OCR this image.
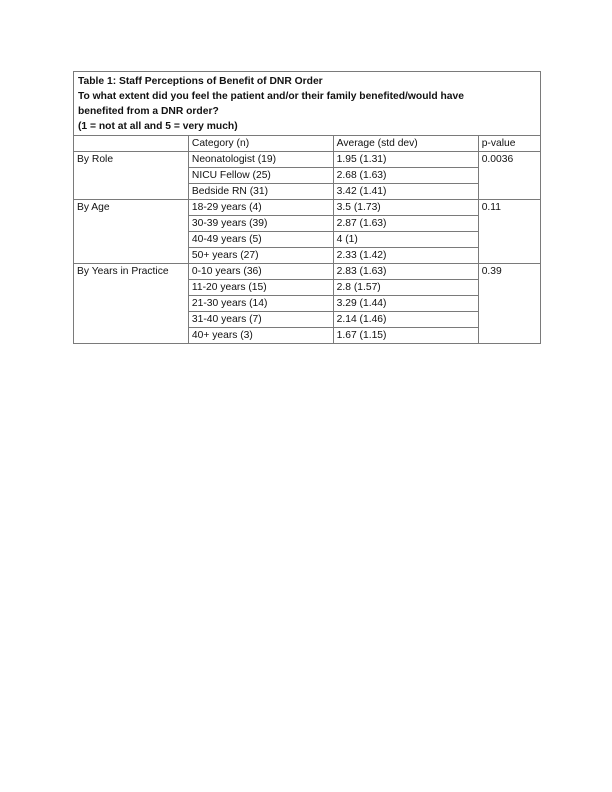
Table 1: Staff Perceptions of Benefit of DNR Order
To what extent did you feel the patient and/or their family benefited/would have
benefited from a DNR order?
(1 = not at all and 5 = very much)			

	Category (n)	Average (std dev)	p-value
By Role	Neonatologist (19)	1.95 (1.31)	0.0036
	NICU Fellow (25)	2.68 (1.63)	
	Bedside RN (31)	3.42 (1.41)	
By Age	18-29 years (4)	3.5 (1.73)	0.11
	30-39 years (39)	2.87 (1.63)	
	40-49 years (5)	4 (1)	
	50+ years (27)	2.33 (1.42)	
By Years in Practice	0-10 years (36)	2.83 (1.63)	0.39
	11-20 years (15)	2.8 (1.57)	
	21-30 years (14)	3.29 (1.44)	
	31-40 years (7)	2.14 (1.46)	
	40+ years (3)	1.67 (1.15)	
